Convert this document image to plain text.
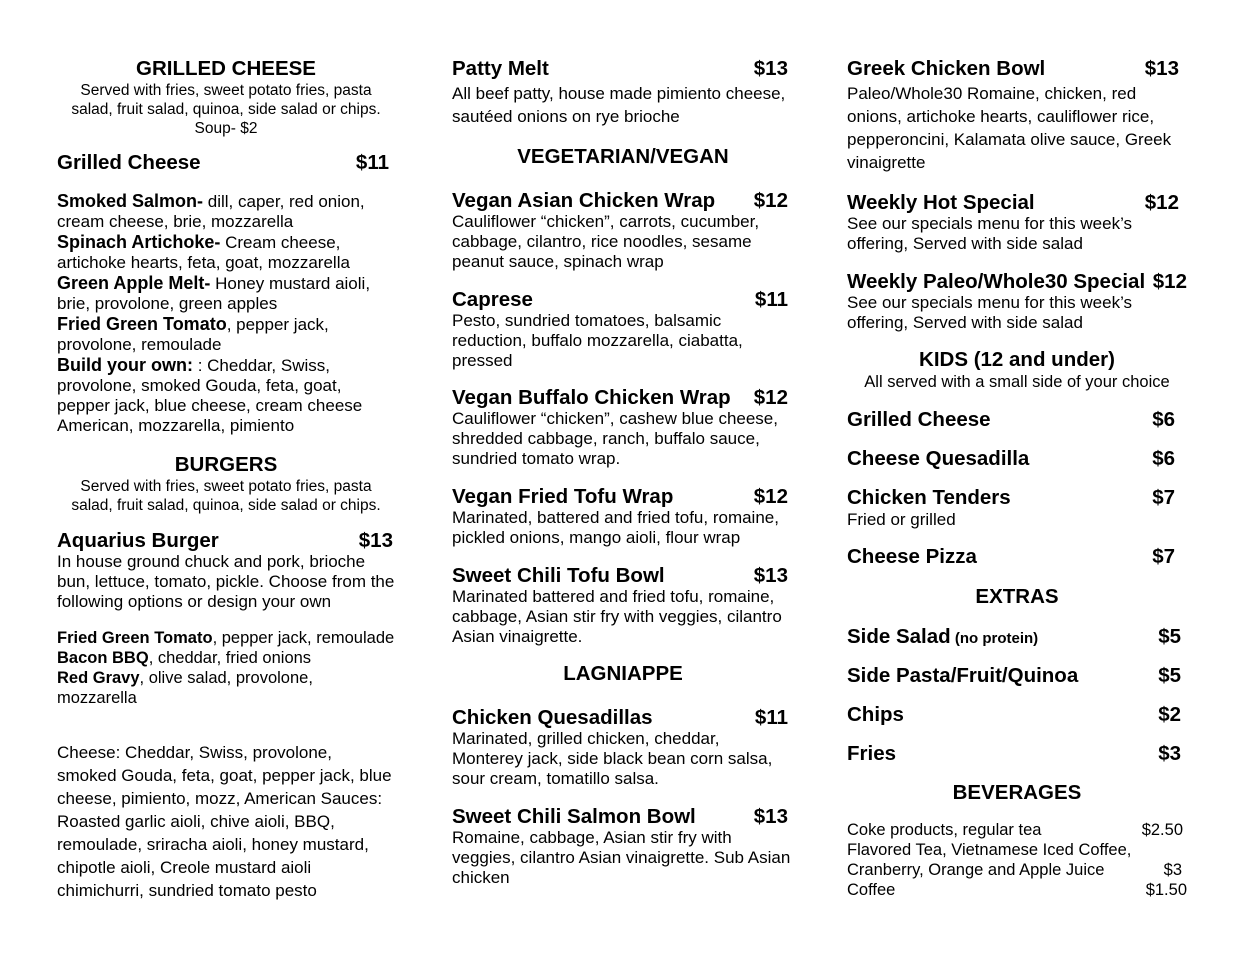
GRILLED CHEESE
Served with fries, sweet potato fries, pasta
salad, fruit salad, quinoa, side salad or chips.
Soup- $2
Grilled Cheese	$11
Smoked Salmon- dill, caper, red onion, cream cheese, brie, mozzarella
Spinach Artichoke- Cream cheese, artichoke hearts, feta, goat, mozzarella
Green Apple Melt- Honey mustard aioli, brie, provolone, green apples
Fried Green Tomato, pepper jack, provolone, remoulade
Build your own: : Cheddar, Swiss, provolone, smoked Gouda, feta, goat, pepper jack, blue cheese, cream cheese American, mozzarella, pimiento
BURGERS
Served with fries, sweet potato fries, pasta
salad, fruit salad, quinoa, side salad or chips.
Aquarius Burger	$13
In house ground chuck and pork, brioche bun, lettuce, tomato, pickle. Choose from the following options or design your own
Fried Green Tomato, pepper jack, remoulade
Bacon BBQ, cheddar, fried onions
Red Gravy, olive salad, provolone, mozzarella
Cheese: Cheddar, Swiss, provolone, smoked Gouda, feta, goat, pepper jack, blue cheese, pimiento, mozz, American Sauces: Roasted garlic aioli, chive aioli, BBQ, remoulade, sriracha aioli, honey mustard, chipotle aioli, Creole mustard aioli chimichurri, sundried tomato pesto
Patty Melt	$13
All beef patty, house made pimiento cheese, sautéed onions on rye brioche
VEGETARIAN/VEGAN
Vegan Asian Chicken Wrap $12
Cauliflower “chicken”, carrots, cucumber, cabbage, cilantro, rice noodles, sesame peanut sauce, spinach wrap
Caprese	$11
Pesto, sundried tomatoes, balsamic reduction, buffalo mozzarella, ciabatta, pressed
Vegan Buffalo Chicken Wrap $12
Cauliflower “chicken”, cashew blue cheese, shredded cabbage, ranch, buffalo sauce, sundried tomato wrap.
Vegan Fried Tofu Wrap	$12
Marinated, battered and fried tofu, romaine, pickled onions, mango aioli, flour wrap
Sweet Chili Tofu Bowl	$13
Marinated battered and fried tofu, romaine, cabbage, Asian stir fry with veggies, cilantro Asian vinaigrette.
LAGNIAPPE
Chicken Quesadillas	$11
Marinated, grilled chicken, cheddar, Monterey jack, side black bean corn salsa, sour cream, tomatillo salsa.
Sweet Chili Salmon Bowl	$13
Romaine, cabbage, Asian stir fry with veggies, cilantro Asian vinaigrette. Sub Asian chicken
Greek Chicken Bowl	$13
Paleo/Whole30 Romaine, chicken, red onions, artichoke hearts, cauliflower rice, pepperoncini, Kalamata olive sauce, Greek vinaigrette
Weekly Hot Special	$12
See our specials menu for this week’s offering, Served with side salad
Weekly Paleo/Whole30 Special $12
See our specials menu for this week’s offering, Served with side salad
KIDS (12 and under)
All served with a small side of your choice
Grilled Cheese	$6
Cheese Quesadilla	$6
Chicken Tenders	$7
Fried or grilled
Cheese Pizza	$7
EXTRAS
Side Salad (no protein)	$5
Side Pasta/Fruit/Quinoa	$5
Chips	$2
Fries	$3
BEVERAGES
Coke products, regular tea	$2.50
Flavored Tea, Vietnamese Iced Coffee,
Cranberry, Orange and Apple Juice	$3
Coffee	$1.50
